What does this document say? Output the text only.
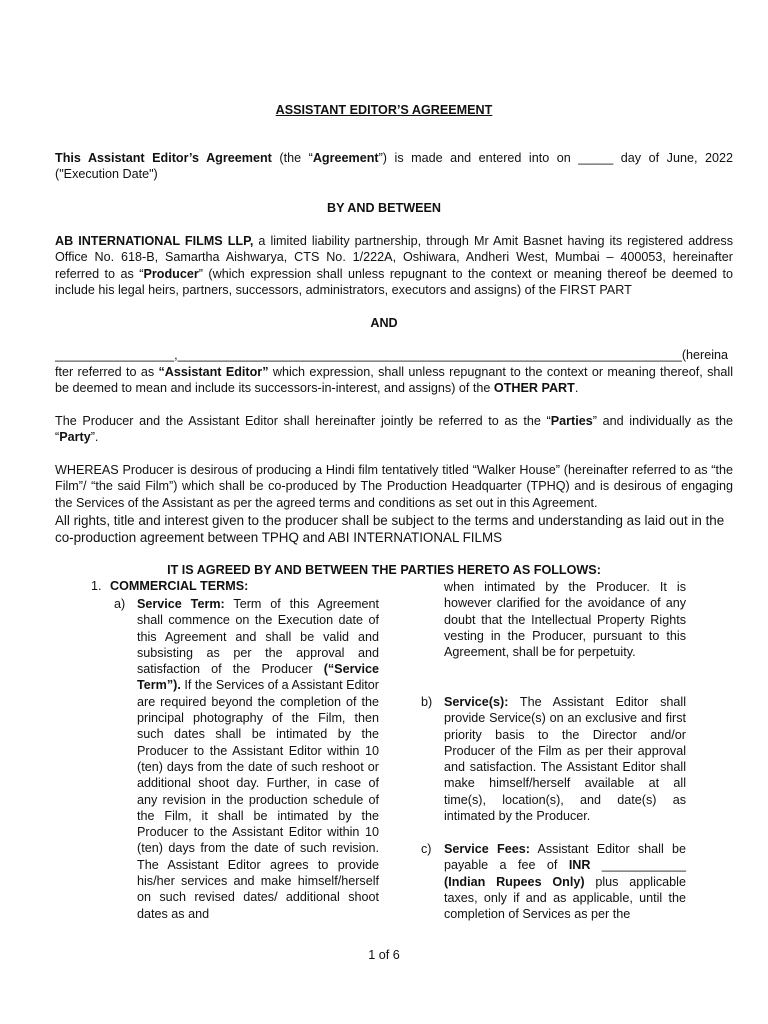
ASSISTANT EDITOR’S AGREEMENT
This Assistant Editor’s Agreement (the “Agreement”) is made and entered into on _____ day of June, 2022 ("Execution Date")
BY AND BETWEEN
AB INTERNATIONAL FILMS LLP, a limited liability partnership, through Mr Amit Basnet having its registered address Office No. 618-B, Samartha Aishwarya, CTS No. 1/222A, Oshiwara, Andheri West, Mumbai – 400053, hereinafter referred to as “Producer” (which expression shall unless repugnant to the context or meaning thereof be deemed to include his legal heirs, partners, successors, administrators, executors and assigns) of the FIRST PART
AND
_________________,________________________________________________________________________(hereina
fter referred to as “Assistant Editor” which expression, shall unless repugnant to the context or meaning thereof, shall be deemed to mean and include its successors-in-interest, and assigns) of the OTHER PART.
The Producer and the Assistant Editor shall hereinafter jointly be referred to as the “Parties” and individually as the “Party”.
WHEREAS Producer is desirous of producing a Hindi film tentatively titled “Walker House” (hereinafter referred to as “the Film”/ “the said Film”) which shall be co-produced by The Production Headquarter (TPHQ) and is desirous of engaging the Services of the Assistant as per the agreed terms and conditions as set out in this Agreement.
All rights, title and interest given to the producer shall be subject to the terms and understanding as laid out in the co-production agreement between TPHQ and ABI INTERNATIONAL FILMS
IT IS AGREED BY AND BETWEEN THE PARTIES HERETO AS FOLLOWS:
1. COMMERCIAL TERMS:
a) Service Term: Term of this Agreement shall commence on the Execution date of this Agreement and shall be valid and subsisting as per the approval and satisfaction of the Producer (“Service Term”). If the Services of a Assistant Editor are required beyond the completion of the principal photography of the Film, then such dates shall be intimated by the Producer to the Assistant Editor within 10 (ten) days from the date of such reshoot or additional shoot day. Further, in case of any revision in the production schedule of the Film, it shall be intimated by the Producer to the Assistant Editor within 10 (ten) days from the date of such revision. The Assistant Editor agrees to provide his/her services and make himself/herself on such revised dates/ additional shoot dates as and
when intimated by the Producer. It is however clarified for the avoidance of any doubt that the Intellectual Property Rights vesting in the Producer, pursuant to this Agreement, shall be for perpetuity.
b) Service(s): The Assistant Editor shall provide Service(s) on an exclusive and first priority basis to the Director and/or Producer of the Film as per their approval and satisfaction. The Assistant Editor shall make himself/herself available at all time(s), location(s), and date(s) as intimated by the Producer.
c) Service Fees: Assistant Editor shall be payable a fee of INR ____________ (Indian Rupees Only) plus applicable taxes, only if and as applicable, until the completion of Services as per the
1 of 6
